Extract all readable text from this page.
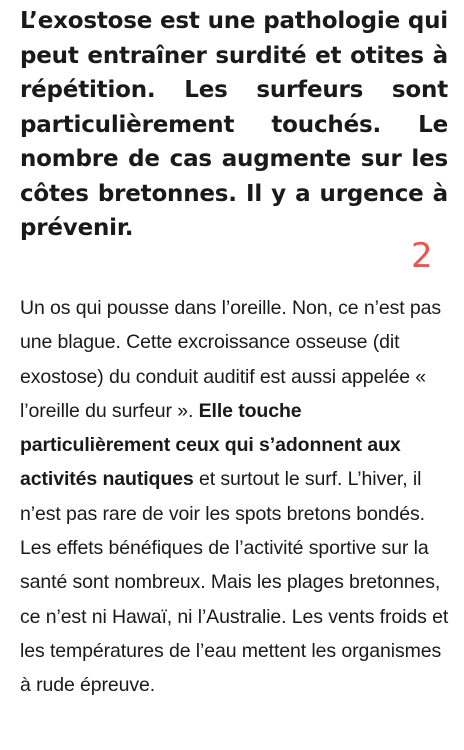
L’exostose est une pathologie qui peut entraîner surdité et otites à répétition. Les surfeurs sont particulièrement touchés. Le nombre de cas augmente sur les côtes bretonnes. Il y a urgence à prévenir.

2

Un os qui pousse dans l’oreille. Non, ce n’est pas une blague. Cette excroissance osseuse (dit exostose) du conduit auditif est aussi appelée « l’oreille du surfeur ». Elle touche particulièrement ceux qui s’adonnent aux activités nautiques et surtout le surf. L’hiver, il n’est pas rare de voir les spots bretons bondés. Les effets bénéfiques de l’activité sportive sur la santé sont nombreux. Mais les plages bretonnes, ce n’est ni Hawaï, ni l’Australie. Les vents froids et les températures de l’eau mettent les organismes à rude épreuve.
